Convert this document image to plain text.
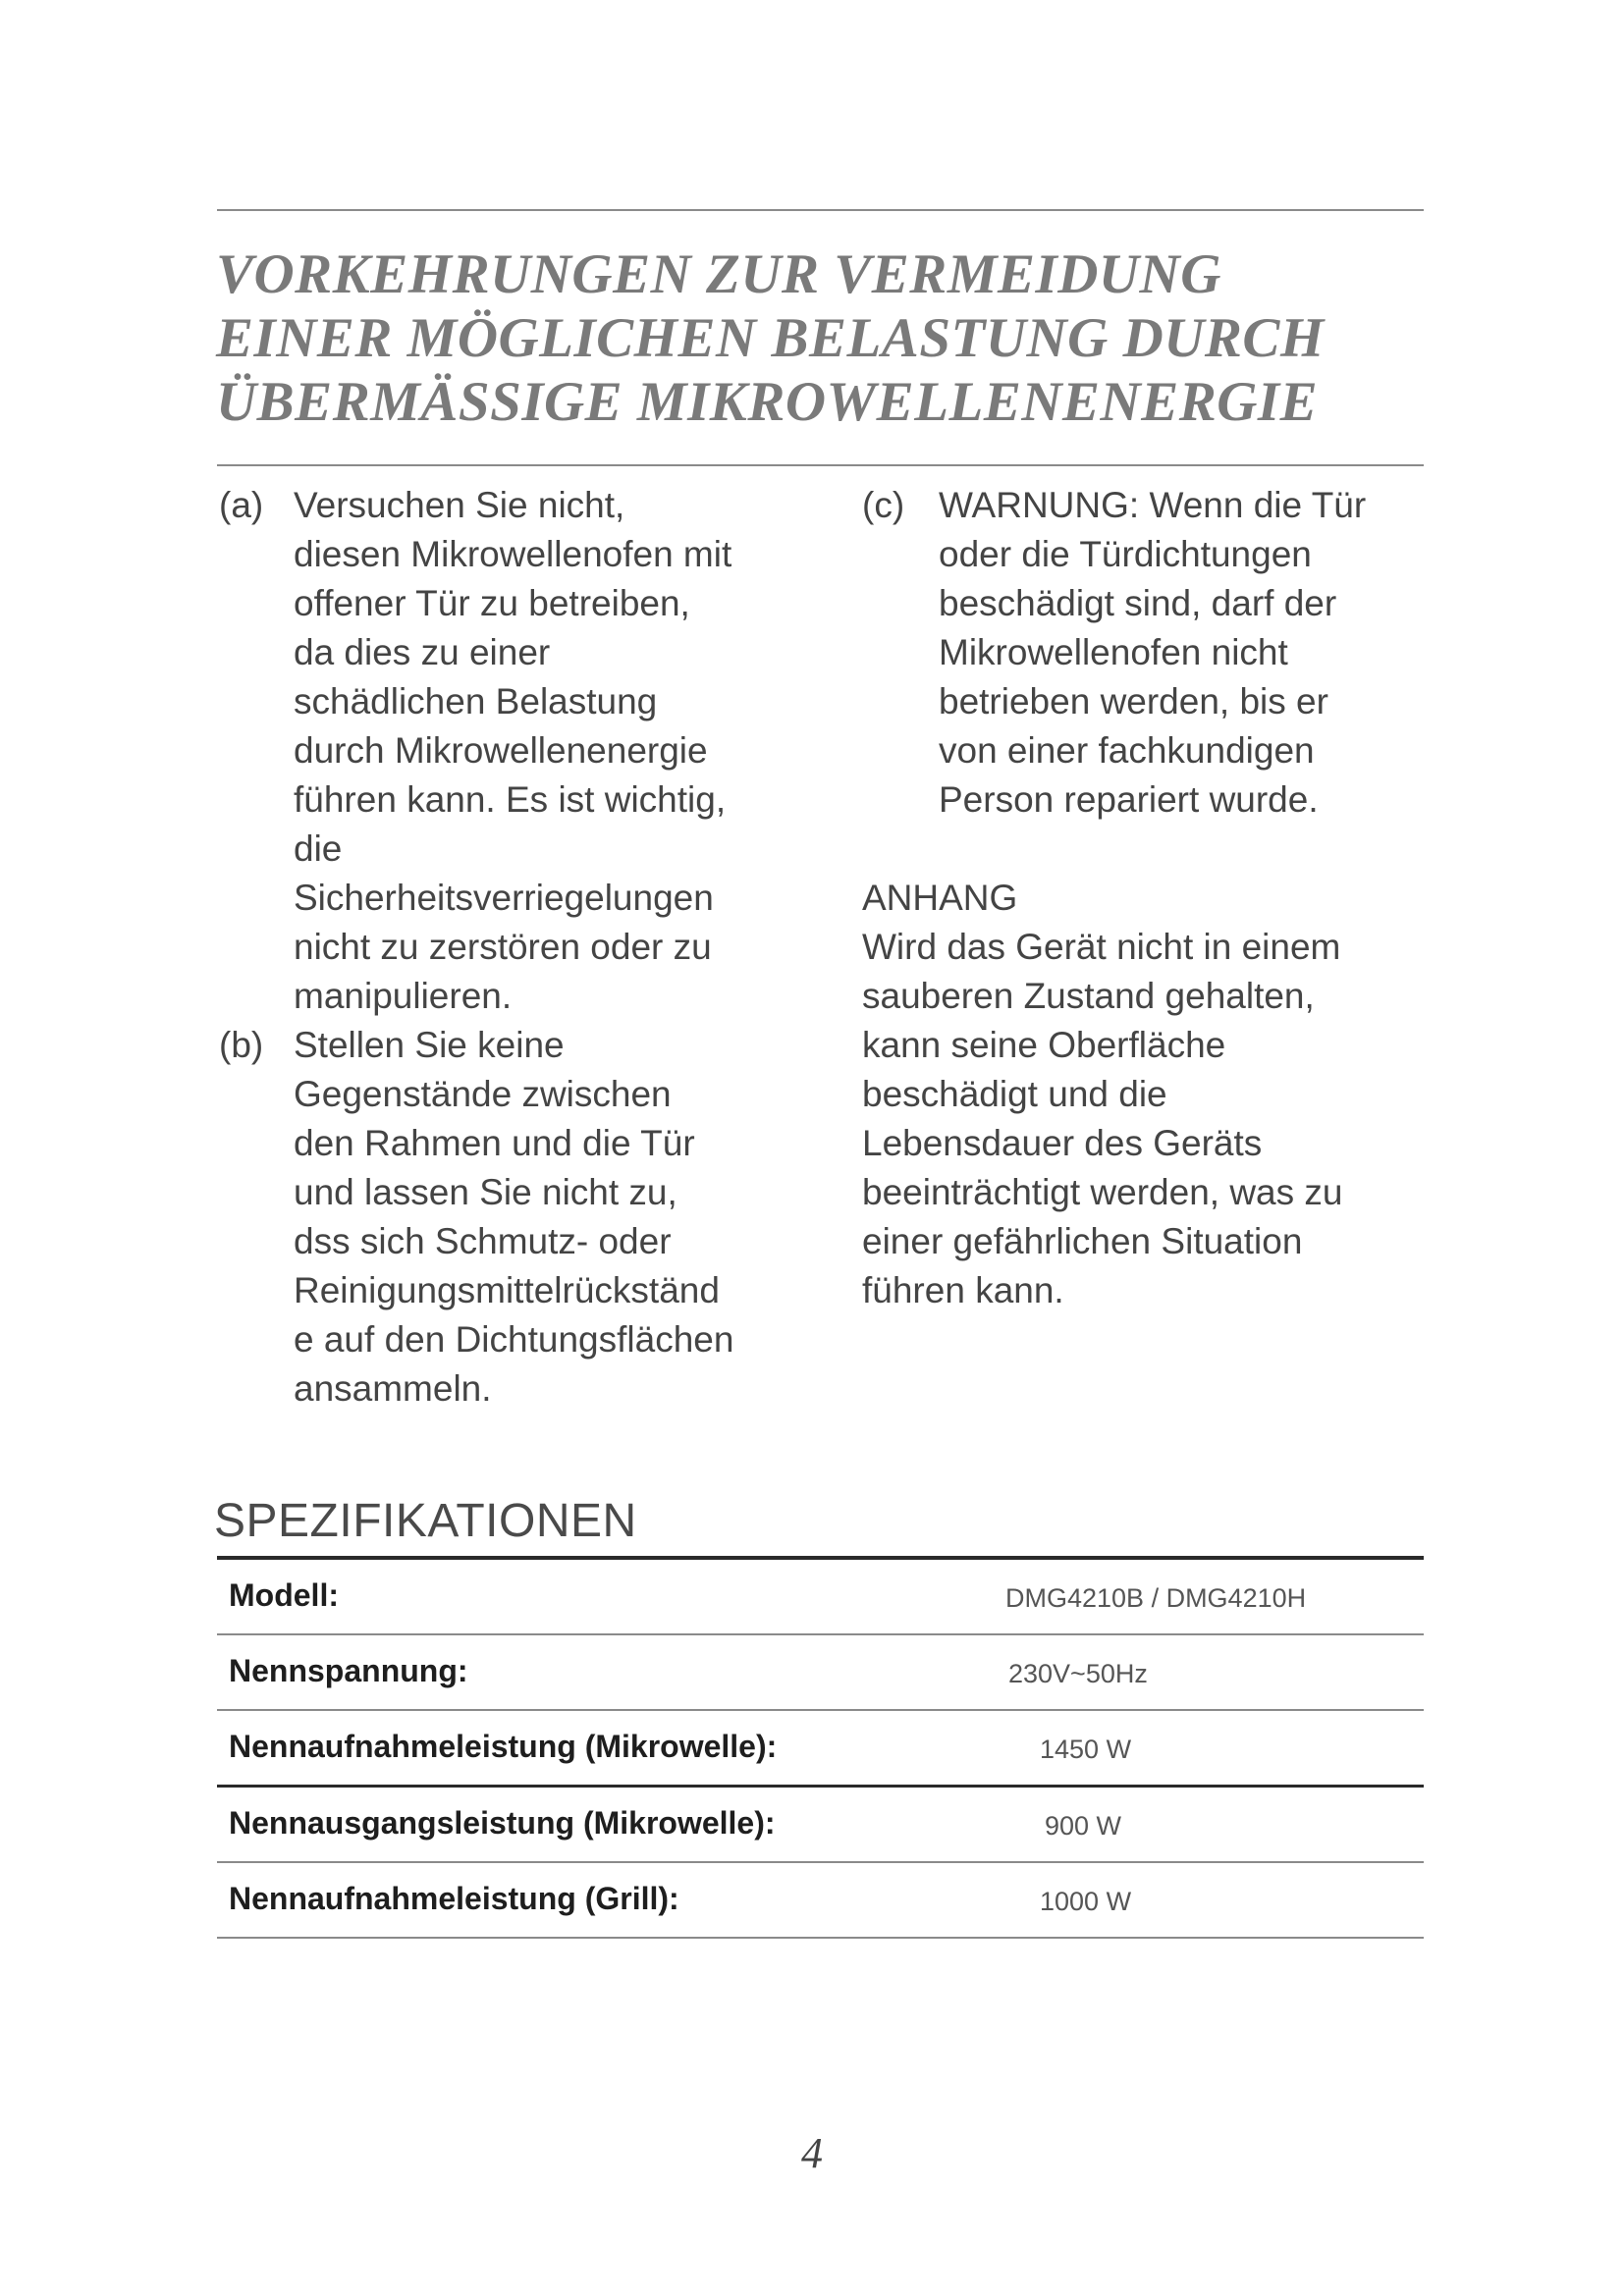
VORKEHRUNGEN ZUR VERMEIDUNG
EINER MÖGLICHEN BELASTUNG DURCH
ÜBERMÄSSIGE MIKROWELLENENERGIE
(a) Versuchen Sie nicht,
diesen Mikrowellenofen mit
offener Tür zu betreiben,
da dies zu einer
schädlichen Belastung
durch Mikrowellenenergie
führen kann. Es ist wichtig,
die
Sicherheitsverriegelungen
nicht zu zerstören oder zu
manipulieren.
(b) Stellen Sie keine
Gegenstände zwischen
den Rahmen und die Tür
und lassen Sie nicht zu,
dss sich Schmutz- oder
Reinigungsmittelrückständ
e auf den Dichtungsflächen
ansammeln.
(c) WARNUNG: Wenn die Tür
oder die Türdichtungen
beschädigt sind, darf der
Mikrowellenofen nicht
betrieben werden, bis er
von einer fachkundigen
Person repariert wurde.
ANHANG
Wird das Gerät nicht in einem
sauberen Zustand gehalten,
kann seine Oberfläche
beschädigt und die
Lebensdauer des Geräts
beeinträchtigt werden, was zu
einer gefährlichen Situation
führen kann.
SPEZIFIKATIONEN
Modell:	DMG4210B / DMG4210H
Nennspannung:	230V~50Hz
Nennaufnahmeleistung (Mikrowelle):	1450 W
Nennausgangsleistung (Mikrowelle):	900 W
Nennaufnahmeleistung (Grill):	1000 W
4
